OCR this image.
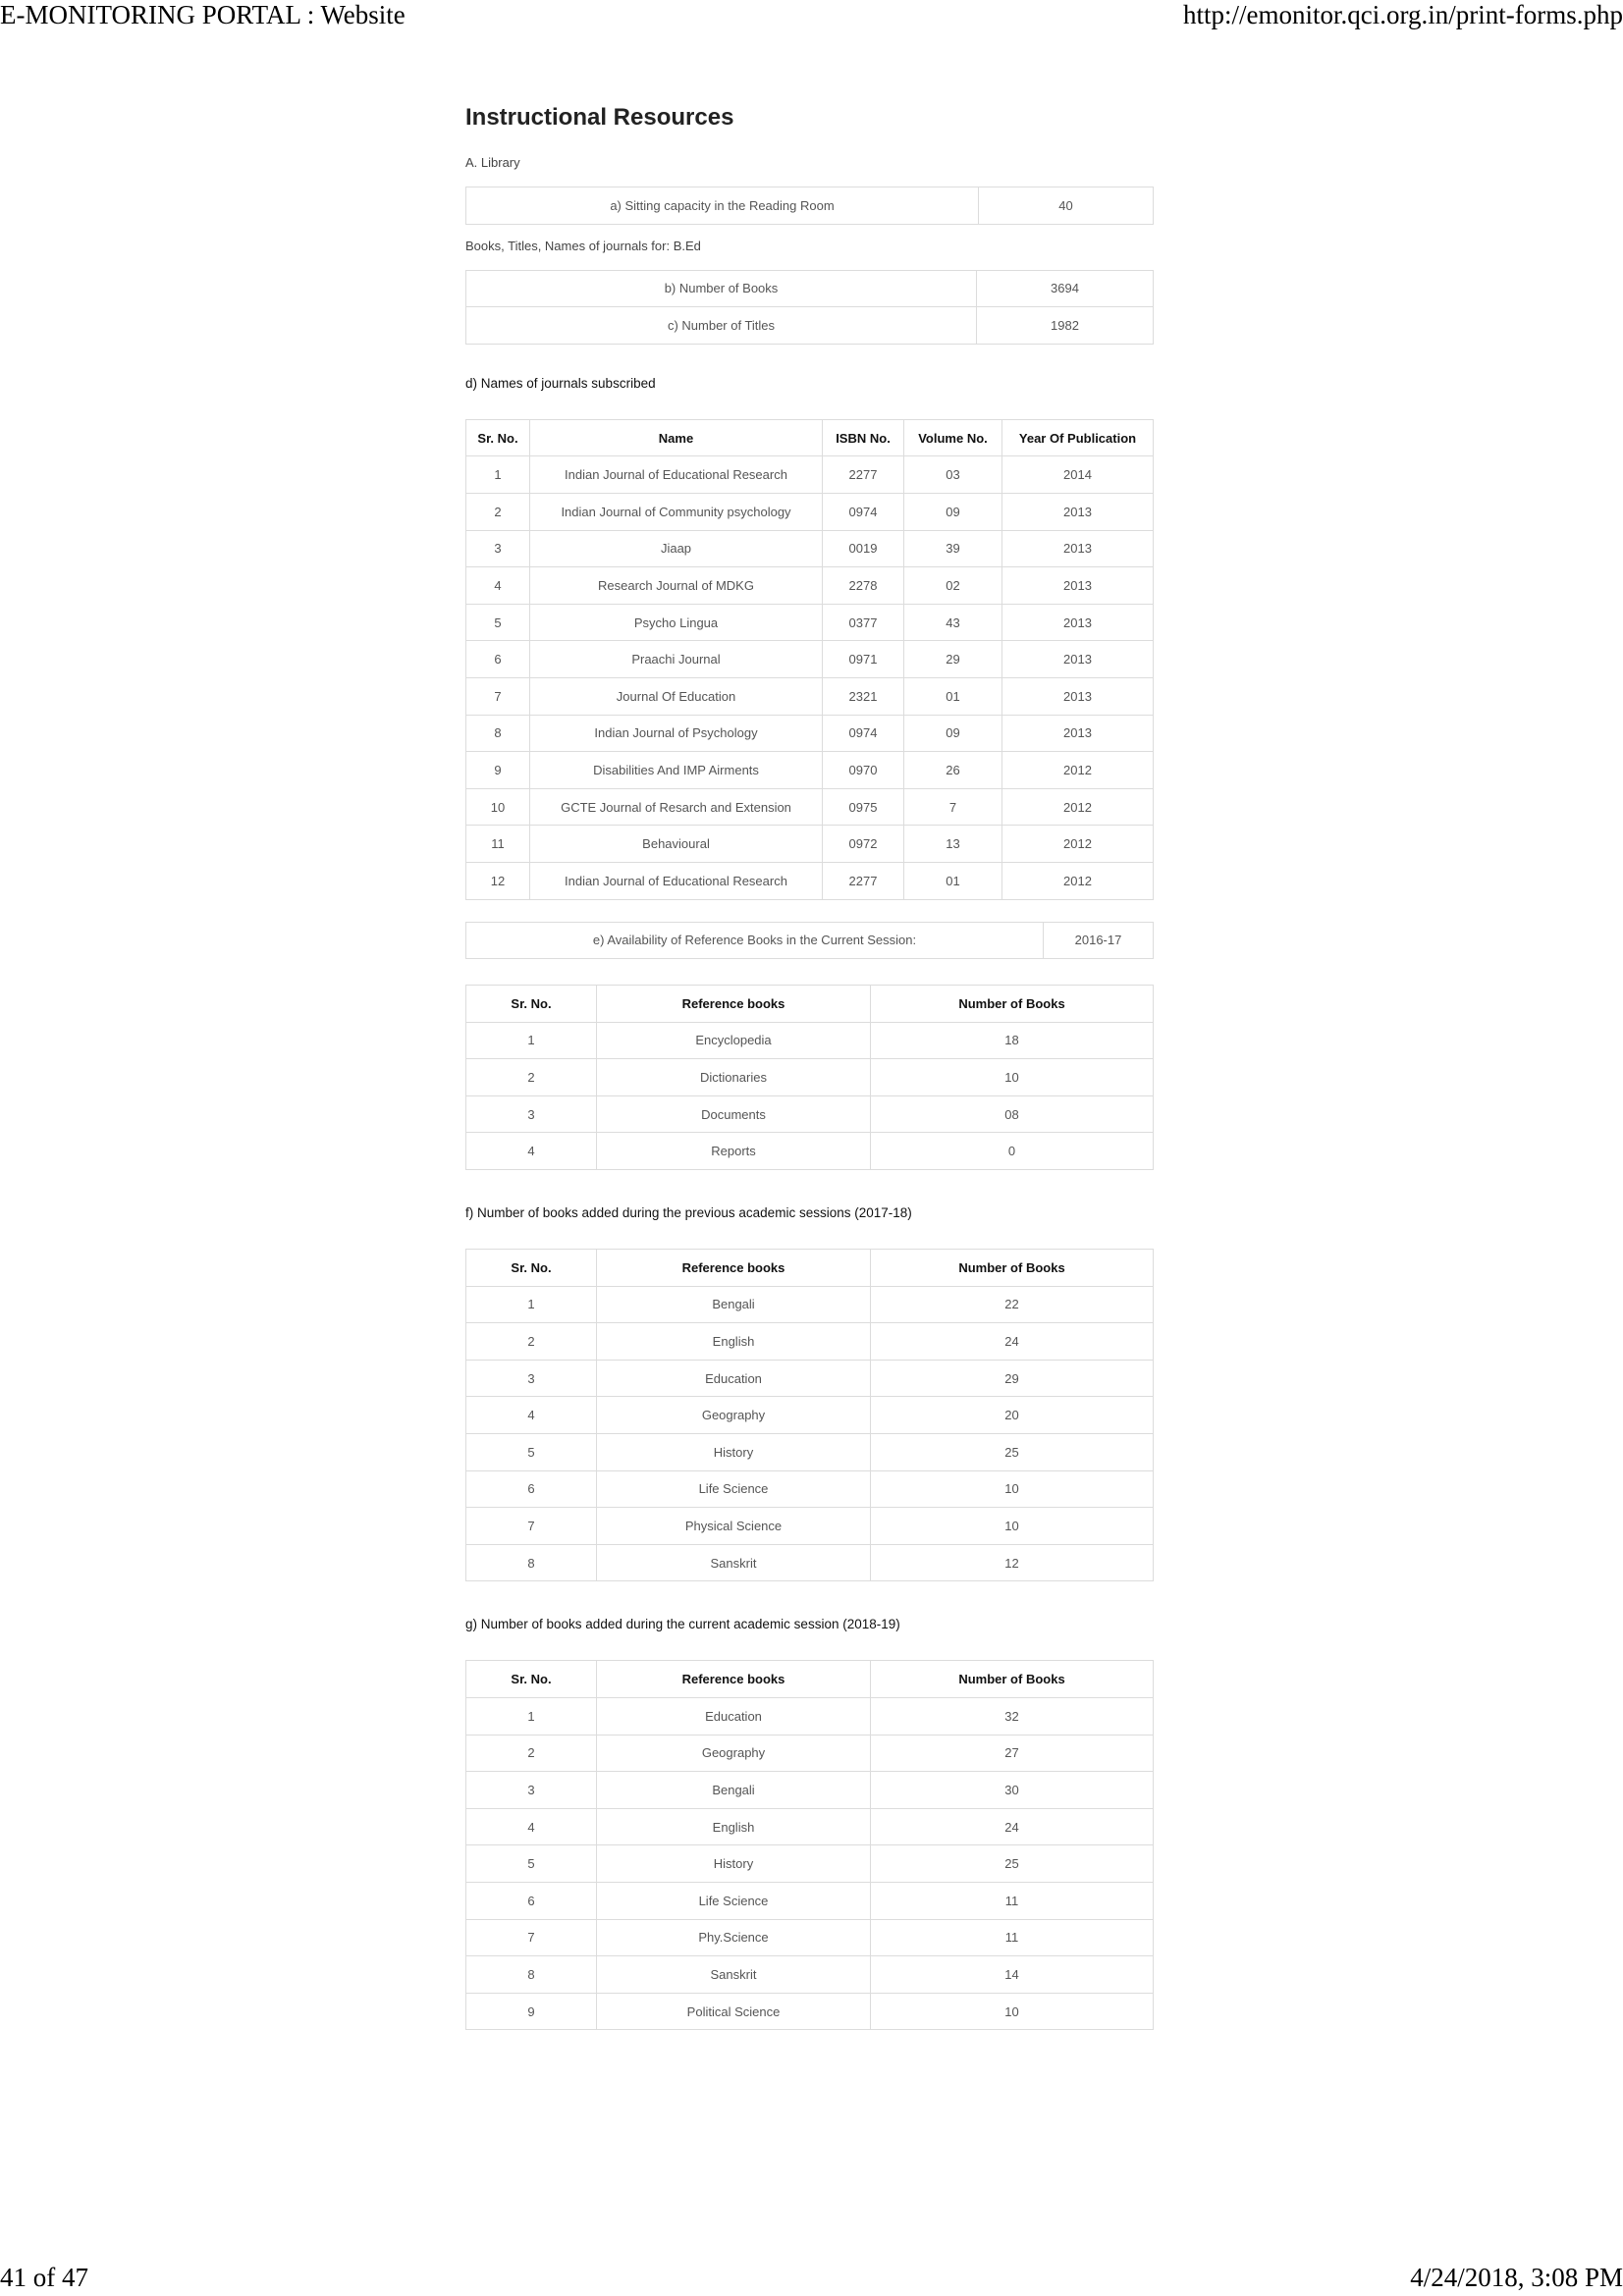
E-MONITORING PORTAL : Website	http://emonitor.qci.org.in/print-forms.php
Instructional Resources
A. Library
a) Sitting capacity in the Reading Room	40
Books, Titles, Names of journals for: B.Ed
b) Number of Books	3694
c) Number of Titles	1982
d) Names of journals subscribed
Sr. No.	Name	ISBN No.	Volume No.	Year Of Publication
1	Indian Journal of Educational Research	2277	03	2014
2	Indian Journal of Community psychology	0974	09	2013
3	Jiaap	0019	39	2013
4	Research Journal of MDKG	2278	02	2013
5	Psycho Lingua	0377	43	2013
6	Praachi Journal	0971	29	2013
7	Journal Of Education	2321	01	2013
8	Indian Journal of Psychology	0974	09	2013
9	Disabilities And IMP Airments	0970	26	2012
10	GCTE Journal of Resarch and Extension	0975	7	2012
11	Behavioural	0972	13	2012
12	Indian Journal of Educational Research	2277	01	2012
e) Availability of Reference Books in the Current Session:	2016-17
Sr. No.	Reference books	Number of Books
1	Encyclopedia	18
2	Dictionaries	10
3	Documents	08
4	Reports	0
f) Number of books added during the previous academic sessions (2017-18)
Sr. No.	Reference books	Number of Books
1	Bengali	22
2	English	24
3	Education	29
4	Geography	20
5	History	25
6	Life Science	10
7	Physical Science	10
8	Sanskrit	12
g) Number of books added during the current academic session (2018-19)
Sr. No.	Reference books	Number of Books
1	Education	32
2	Geography	27
3	Bengali	30
4	English	24
5	History	25
6	Life Science	11
7	Phy.Science	11
8	Sanskrit	14
9	Political Science	10
41 of 47	4/24/2018, 3:08 PM
